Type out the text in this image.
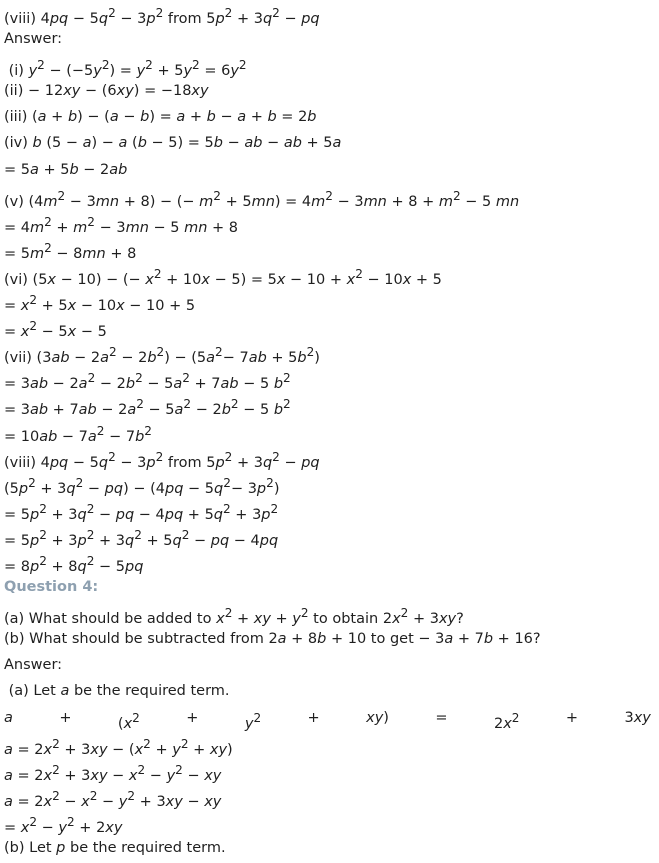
(viii) $4pq - 5q^2 - 3p^2$ from $5p^2 + 3q^2$ − pq
Answer:
(i) $y^2 - (-5y^2) = y^2 + 5y^2 = 6y^2$
(ii) − 12xy − (6xy) = −18xy
(iii) (a + b) − (a − b) = a + b − a + b = 2b
(iv) b (5 − a) − a (b − 5) = 5b − ab − ab + 5a
= 5a + 5b − 2ab
(v) $(4m^2 - 3mn + 8)$ − (− $m^2 + 5mn) = 4m^2 - 3mn + 8 + m^2 - 5$ mn
= $4m^2 + m^2 - 3mn - 5$ mn + 8
= $5m^2 - 8mn + 8$
(vi) (5x − 10) − (− $x^2 + 10x - 5) = 5x - 10 + x^2 - 10x + 5$
= $x^2 + 5x - 10x - 10 + 5$
= $x^2 - 5x - 5$
(vii) $(3ab - 2a^2 - 2b^2) - (5a^2- 7ab + 5b^2)$
= $3ab - 2a^2 - 2b^2 - 5a^2 + 7ab - 5$ $b^2$
= $3ab + 7ab - 2a^2 - 5a^2 - 2b^2 - 5$ $b^2$
= $10ab - 7a^2 - 7b^2$
(viii) $4pq - 5q^2 - 3p^2$ from $5p^2 + 3q^2$ − pq
$(5p^2 + 3q^2 - pq) - (4pq - 5q^2- 3p^2)$
= $5p^2 + 3q^2$ − pq − $4pq + 5q^2 + 3p^2$
= $5p^2 + 3p^2 + 3q^2 + 5q^2$ − pq − 4pq
= $8p^2 + 8q^2 - 5pq$
Question 4:
(a) What should be added to $x^2$ + xy + $y^2$ to obtain $2x^2 + 3xy$?
(b) What should be subtracted from 2a + 8b + 10 to get − 3a + 7b + 16?
Answer:
(a) Let a be the required term.
a	+	($x^2$	+	$y^2$	+	xy)	=	$2x^2$	+	3xy
$a = 2x^2 + 3xy - (x^2 + y^2 + xy)$
$a = 2x^2 + 3xy - x^2 - y^2$ − xy
$a = 2x^2 - x^2 - y^2 + 3xy$ − xy
= $x^2 - y^2 + 2xy$
(b) Let p be the required term.
